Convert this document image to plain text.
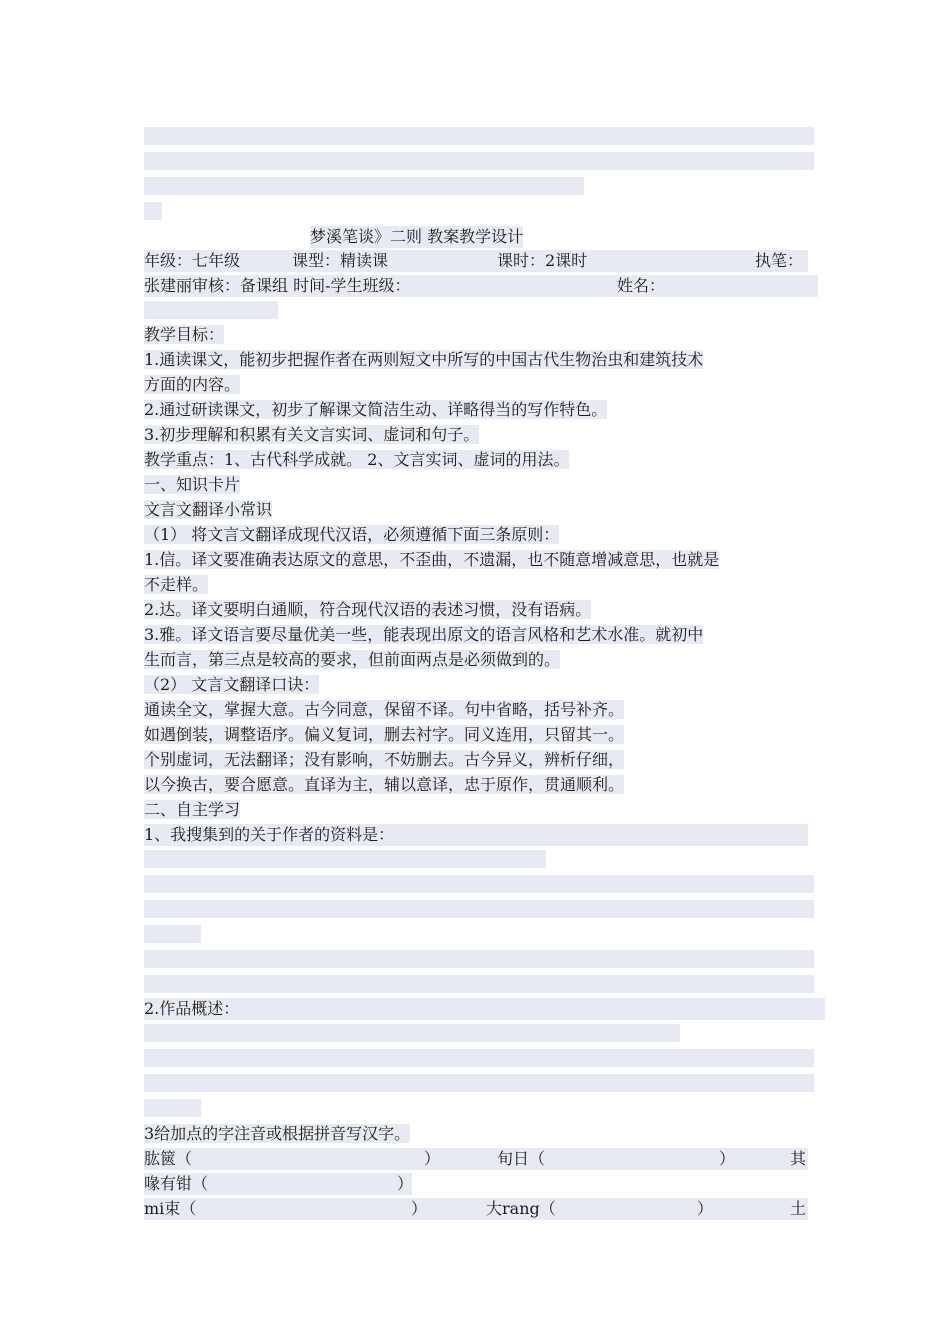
梦溪笔谈》二则 教案教学设计
年级：七年级	课型：精读课	课时：2课时	执笔：
张建丽审核：备课组 时间-学生班级：	姓名：
教学目标：
1.通读课文，能初步把握作者在两则短文中所写的中国古代生物治虫和建筑技术
方面的内容。
2.通过研读课文，初步了解课文简洁生动、详略得当的写作特色。
3.初步理解和积累有关文言实词、虚词和句子。
教学重点：1、古代科学成就。 2、文言实词、虚词的用法。
一、知识卡片
文言文翻译小常识
（1） 将文言文翻译成现代汉语，必须遵循下面三条原则：
1.信。译文要准确表达原文的意思，不歪曲，不遗漏，也不随意增减意思，也就是
不走样。
2.达。译文要明白通顺，符合现代汉语的表述习惯，没有语病。
3.雅。译文语言要尽量优美一些，能表现出原文的语言风格和艺术水准。就初中
生而言，第三点是较高的要求，但前面两点是必须做到的。
（2） 文言文翻译口诀：
通读全文，掌握大意。古今同意，保留不译。句中省略，括号补齐。
如遇倒装，调整语序。偏义复词，删去衬字。同义连用，只留其一。
个别虚词，无法翻译；没有影响，不妨删去。古今异义，辨析仔细，
以今换古，要合愿意。直译为主，辅以意译，忠于原作，贯通顺利。
二、自主学习
1、我搜集到的关于作者的资料是：
2.作品概述：
3给加点的字注音或根据拼音写汉字。
肱篋（	）	旬日（	）	其
喙有钳（	）
mi束（	）	大rang（	）	土
